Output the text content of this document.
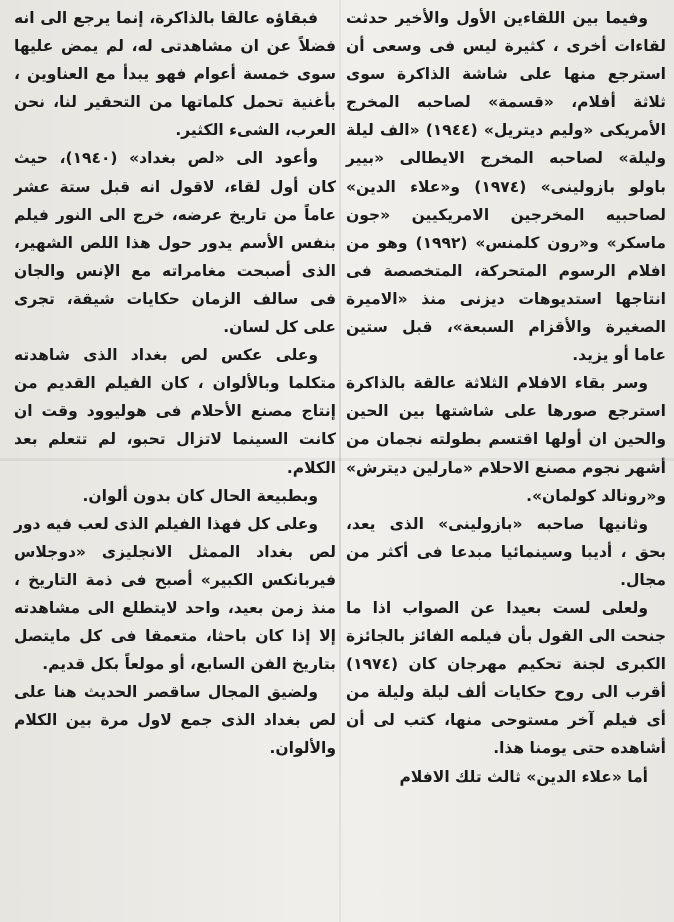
وفيما بين اللقاءين الأول والأخير حدثت لقاءات أخرى ، كثيرة ليس فى وسعى أن استرجع منها على شاشة الذاكرة سوى ثلاثة أفلام، «قسمة» لصاحبه المخرج الأمريكى «وليم ديتريل» (١٩٤٤) «الف ليلة وليلة» لصاحبه المخرج الايطالى «بيير باولو بازولينى» (١٩٧٤) و«علاء الدين» لصاحبيه المخرجين الامريكيين «جون ماسكر» و«رون كلمنس» (١٩٩٢) وهو من افلام الرسوم المتحركة، المتخصصة فى انتاجها استديوهات ديزنى منذ «الاميرة الصغيرة والأقزام السبعة»، قبل ستين عاما أو يزيد.

وسر بقاء الافلام الثلاثة عالقة بالذاكرة استرجع صورها على شاشتها بين الحين والحين ان أولها اقتسم بطولته نجمان من أشهر نجوم مصنع الاحلام «مارلين ديترش» و«رونالد كولمان».

وثانيها صاحبه «بازولينى» الذى يعد، بحق ، أديبا وسينمائيا مبدعا فى أكثر من مجال.

ولعلى لست بعيدا عن الصواب اذا ما جنحت الى القول بأن فيلمه الفائز بالجائزة الكبرى لجنة تحكيم مهرجان كان (١٩٧٤) أقرب الى روح حكايات ألف ليلة وليلة من أى فيلم آخر مستوحى منها، كتب لى أن أشاهده حتى يومنا هذا.

أما «علاء الدين» ثالث تلك الافلام

فبقاؤه عالقا بالذاكرة، إنما يرجع الى انه فضلاً عن ان مشاهدتى له، لم يمض عليها سوى خمسة أعوام فهو يبدأ مع العناوين ، بأغنية تحمل كلماتها من التحقير لنا، نحن العرب، الشىء الكثير.

وأعود الى «لص بغداد» (١٩٤٠)، حيث كان أول لقاء، لاقول انه قبل ستة عشر عاماً من تاريخ عرضه، خرج الى النور فيلم بنفس الأسم يدور حول هذا اللص الشهير، الذى أصبحت مغامراته مع الإنس والجان فى سالف الزمان حكايات شيقة، تجرى على كل لسان.

وعلى عكس لص بغداد الذى شاهدته متكلما وبالألوان ، كان الفيلم القديم من إنتاج مصنع الأحلام فى هوليوود وقت ان كانت السينما لاتزال تحبو، لم تتعلم بعد الكلام.

وبطبيعة الحال كان بدون ألوان.

وعلى كل فهذا الفيلم الذى لعب فيه دور لص بغداد الممثل الانجليزى «دوجلاس فيربانكس الكبير» أصبح فى ذمة التاريخ ، منذ زمن بعيد، واحد لايتطلع الى مشاهدته إلا إذا كان باحثا، متعمقا فى كل مايتصل بتاريخ الفن السابع، أو مولعاً بكل قديم.

ولضيق المجال ساقصر الحديث هنا على لص بغداد الذى جمع لاول مرة بين الكلام والألوان.
